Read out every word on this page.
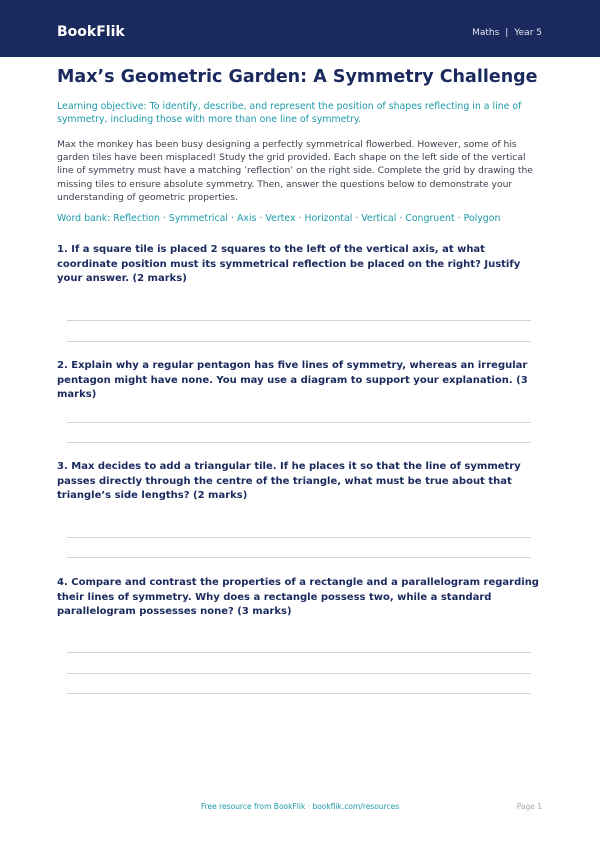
BookFlik	Maths | Year 5
Max’s Geometric Garden: A Symmetry Challenge
Learning objective: To identify, describe, and represent the position of shapes reflecting in a line of symmetry, including those with more than one line of symmetry.
Max the monkey has been busy designing a perfectly symmetrical flowerbed. However, some of his garden tiles have been misplaced! Study the grid provided. Each shape on the left side of the vertical line of symmetry must have a matching ’reflection’ on the right side. Complete the grid by drawing the missing tiles to ensure absolute symmetry. Then, answer the questions below to demonstrate your understanding of geometric properties.
Word bank: Reflection · Symmetrical · Axis · Vertex · Horizontal · Vertical · Congruent · Polygon
1. If a square tile is placed 2 squares to the left of the vertical axis, at what coordinate position must its symmetrical reflection be placed on the right? Justify your answer. (2 marks)
2. Explain why a regular pentagon has five lines of symmetry, whereas an irregular pentagon might have none. You may use a diagram to support your explanation. (3 marks)
3. Max decides to add a triangular tile. If he places it so that the line of symmetry passes directly through the centre of the triangle, what must be true about that triangle’s side lengths? (2 marks)
4. Compare and contrast the properties of a rectangle and a parallelogram regarding their lines of symmetry. Why does a rectangle possess two, while a standard parallelogram possesses none? (3 marks)
Free resource from BookFlik · bookflik.com/resources	Page 1
